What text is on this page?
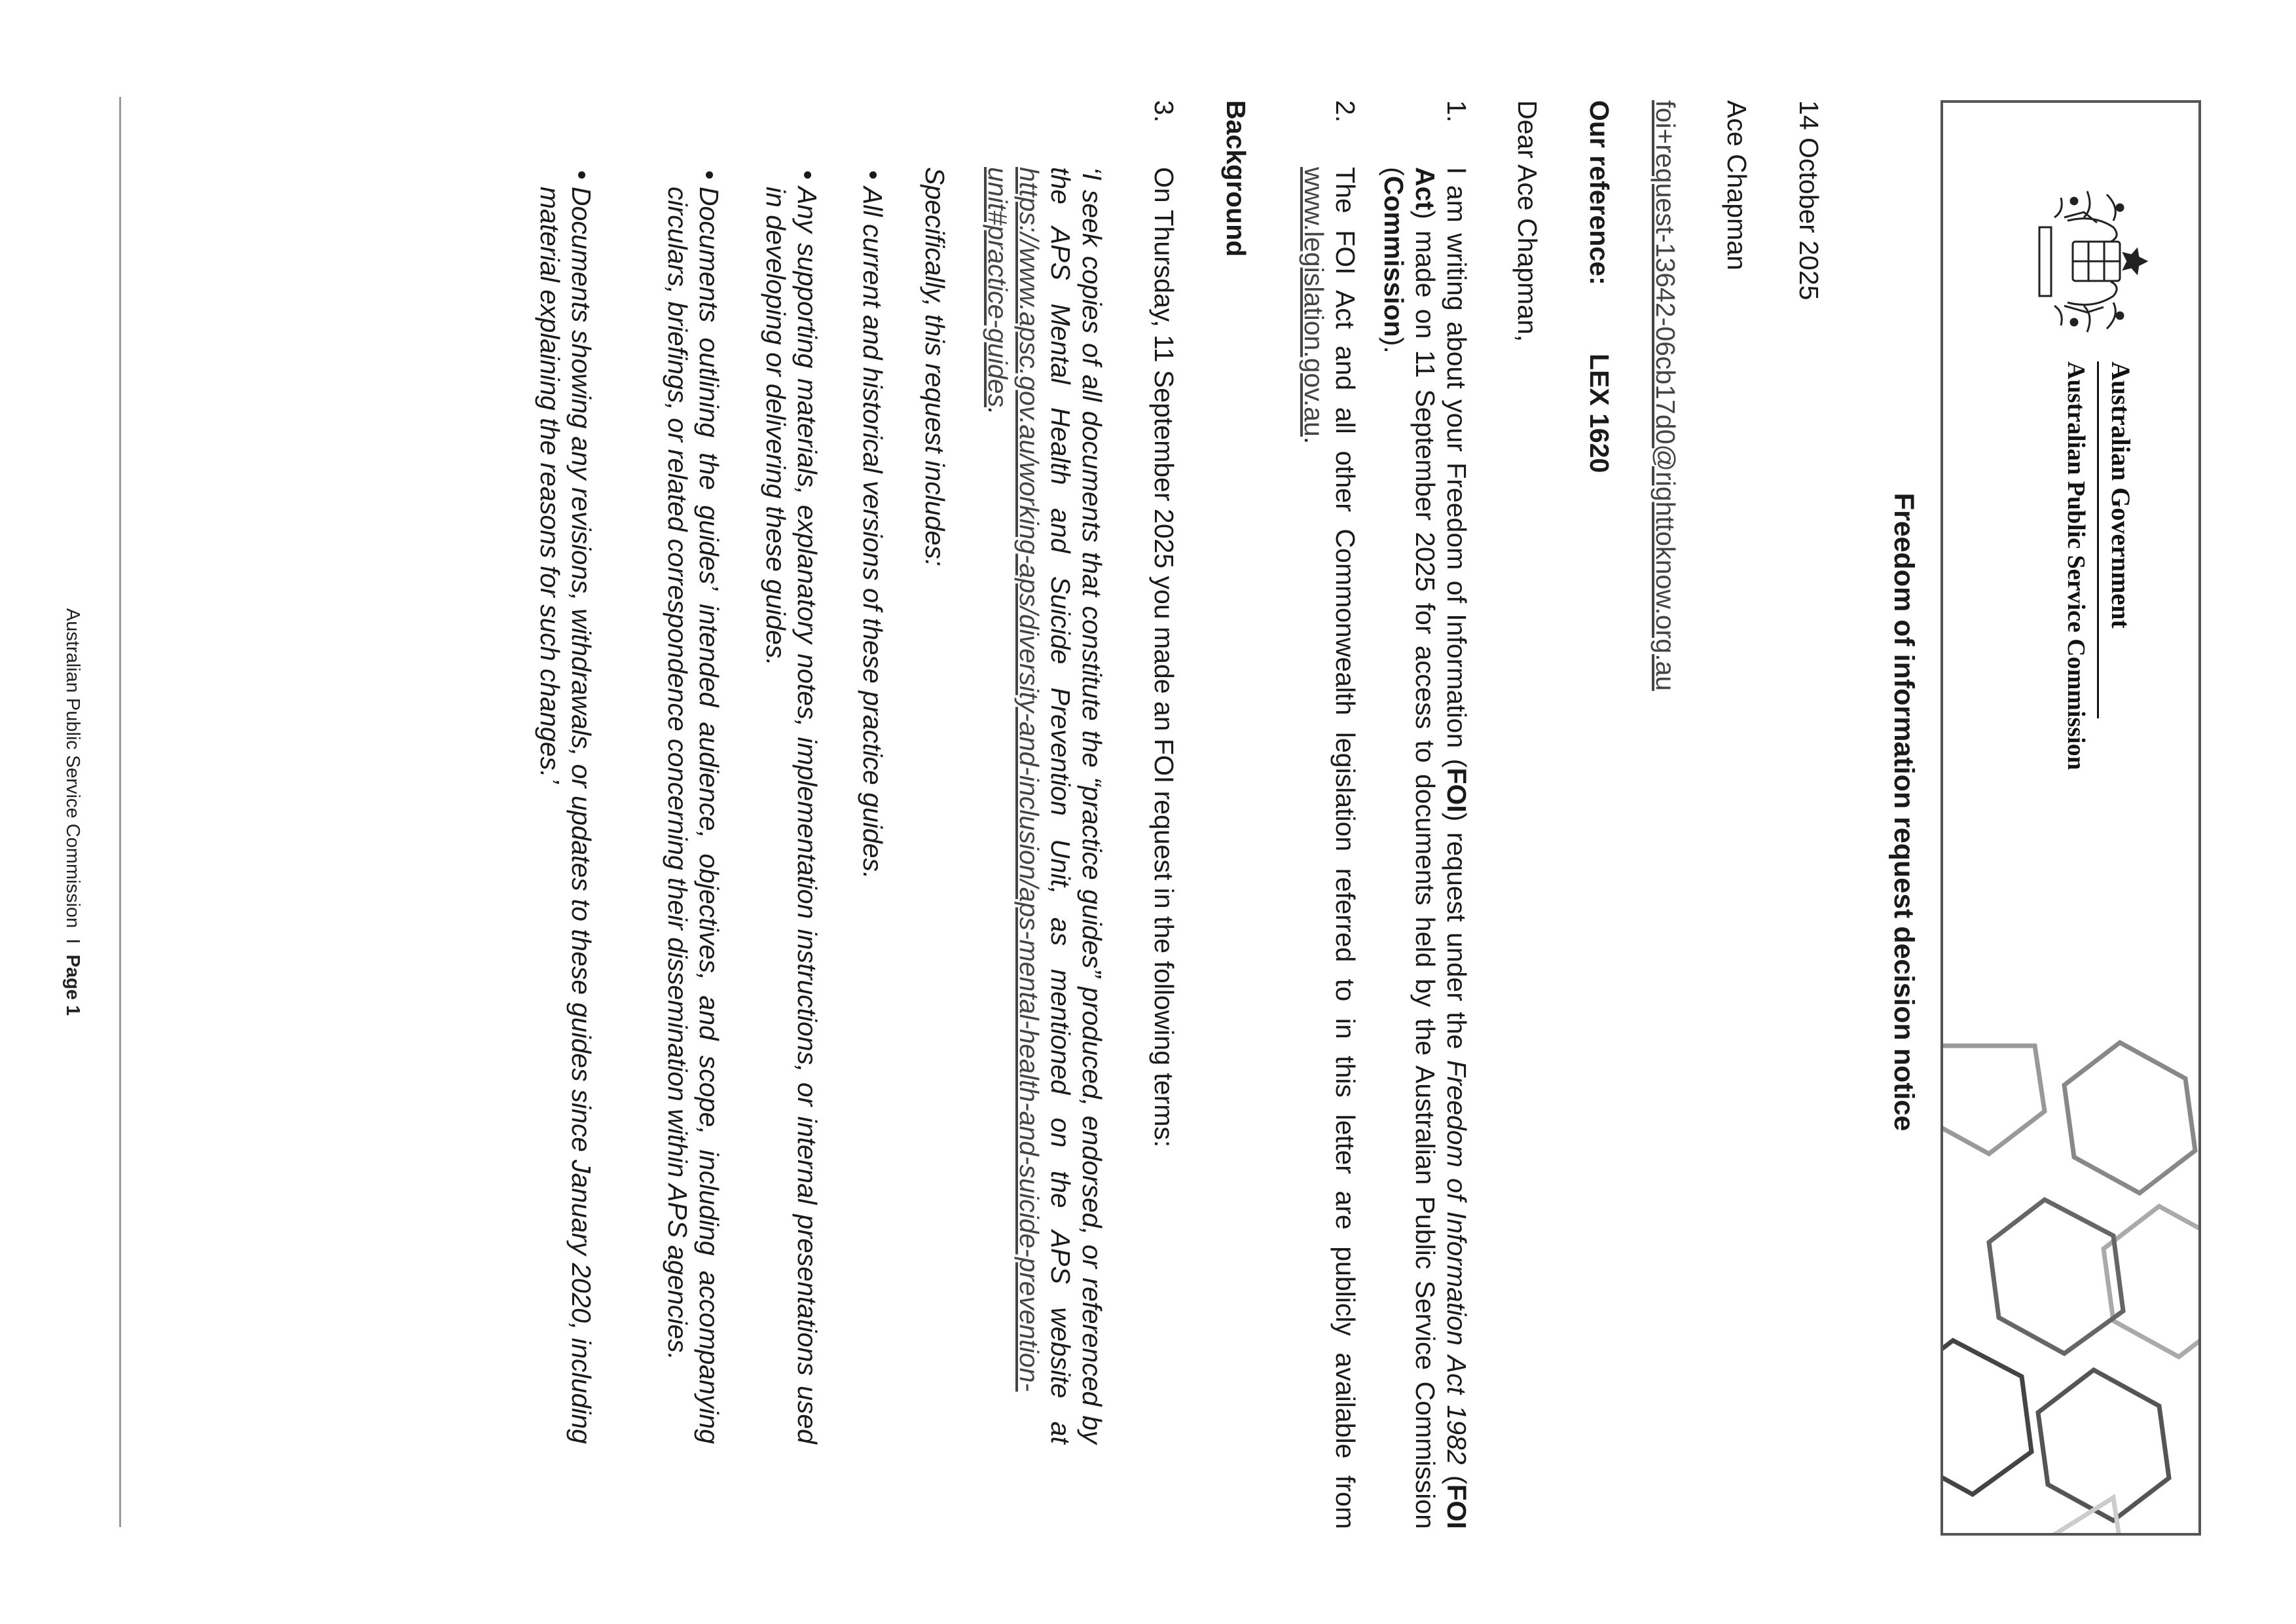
Australian Government
Australian Public Service Commission
Freedom of information request decision notice
14 October 2025
Ace Chapman
foi+request-13642-06cb17d0@righttoknow.org.au
Our reference:
LEX 1620
Dear Ace Chapman,
1.
I am writing about your Freedom of Information (FOI) request under the Freedom of Information Act 1982 (FOI Act) made on 11 September 2025 for access to documents held by the Australian Public Service Commission (Commission).
2.
The FOI Act and all other Commonwealth legislation referred to in this letter are publicly available from www.legislation.gov.au.
Background
3.
On Thursday, 11 September 2025 you made an FOI request in the following terms:
‘I seek copies of all documents that constitute the “practice guides” produced, endorsed, or referenced by the APS Mental Health and Suicide Prevention Unit, as mentioned on the APS website at https://www.apsc.gov.au/working-aps/diversity-and-inclusion/aps-mental-health-and-suicide-prevention-unit#practice-guides.
Specifically, this request includes:
•
All current and historical versions of these practice guides.
•
Any supporting materials, explanatory notes, implementation instructions, or internal presentations used in developing or delivering these guides.
•
Documents outlining the guides’ intended audience, objectives, and scope, including accompanying circulars, briefings, or related correspondence concerning their dissemination within APS agencies.
•
Documents showing any revisions, withdrawals, or updates to these guides since January 2020, including material explaining the reasons for such changes.’
Australian Public Service Commission  I  Page 1
